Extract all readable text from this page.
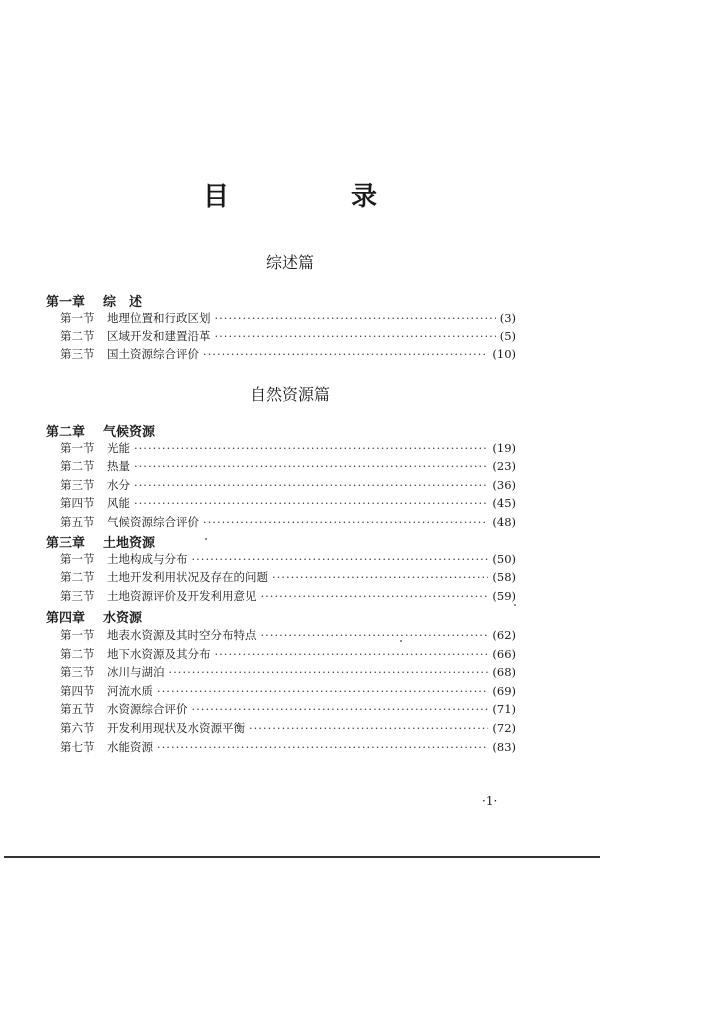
目　录
综述篇
第一章 综　述
第一节	地理位置和行政区划 ·····	(3)
第二节	区域开发和建置沿革 ·····	(5)
第三节	国土资源综合评价 ·····	(10)
自然资源篇
第二章 气候资源
第一节	光能 ·····	(19)
第二节	热量 ·····	(23)
第三节	水分 ·····	(36)
第四节	风能 ·····	(45)
第五节	气候资源综合评价 ·····	(48)
第三章 土地资源
第一节	土地构成与分布 ·····	(50)
第二节	土地开发利用状况及存在的问题 ·····	(58)
第三节	土地资源评价及开发利用意见 ·····	(59)
第四章 水资源
第一节	地表水资源及其时空分布特点 ·····	(62)
第二节	地下水资源及其分布 ·····	(66)
第三节	冰川与湖泊 ·····	(68)
第四节	河流水质 ·····	(69)
第五节	水资源综合评价 ·····	(71)
第六节	开发利用现状及水资源平衡 ·····	(72)
第七节	水能资源 ·····	(83)
·1·
